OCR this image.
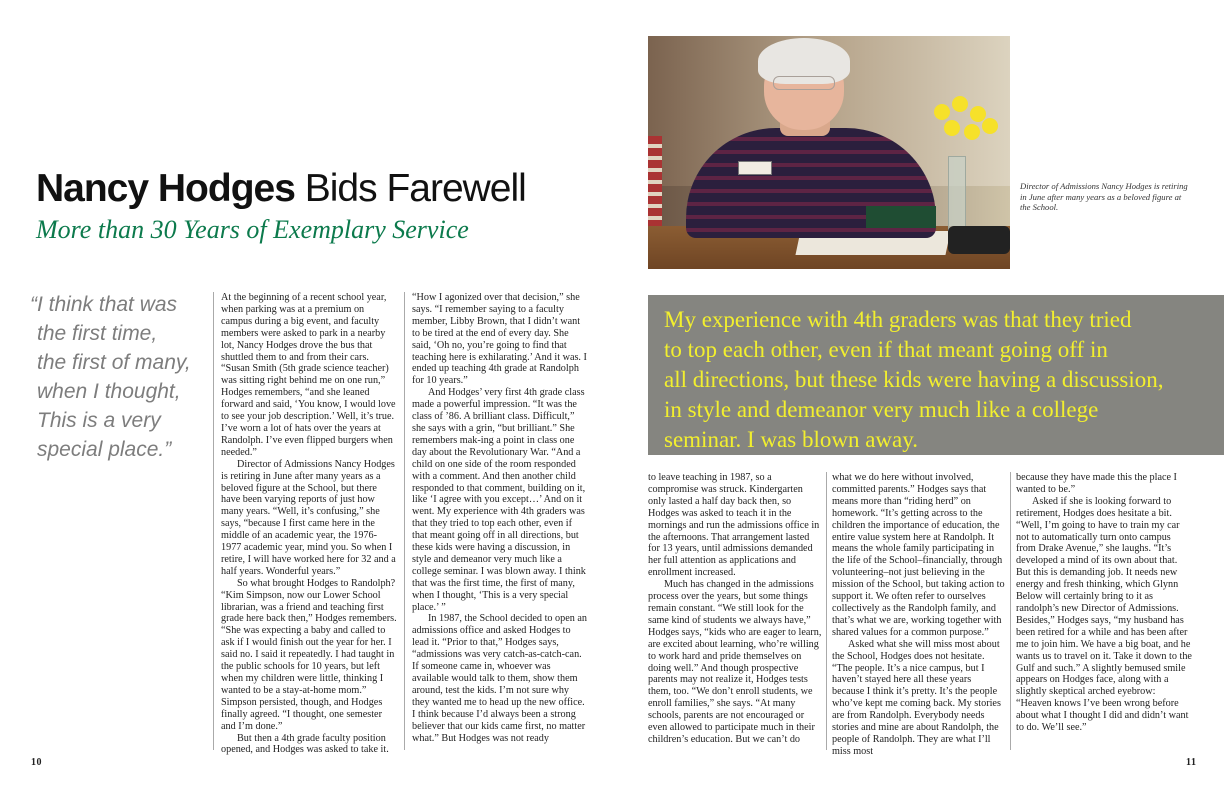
Nancy Hodges Bids Farewell
More than 30 Years of Exemplary Service
“I think that was
the first time,
the first of many,
when I thought,
This is a very
special place.”

At the beginning of a recent school year, when parking was at a premium on campus during a big event, and faculty members were asked to park in a nearby lot, Nancy Hodges drove the bus that shuttled them to and from their cars. “Susan Smith (5th grade science teacher) was sitting right behind me on one run,” Hodges remembers, “and she leaned forward and said, ‘You know, I would love to see your job description.’ Well, it’s true. I’ve worn a lot of hats over the years at Randolph. I’ve even flipped burgers when needed.”

Director of Admissions Nancy Hodges is retiring in June after many years as a beloved figure at the School, but there have been varying reports of just how many years. “Well, it’s confusing,” she says, “because I first came here in the middle of an academic year, the 1976-1977 academic year, mind you. So when I retire, I will have worked here for 32 and a half years. Wonderful years.”

So what brought Hodges to Randolph? “Kim Simpson, now our Lower School librarian, was a friend and teaching first grade here back then,” Hodges remembers. “She was expecting a baby and called to ask if I would finish out the year for her. I said no. I said it repeatedly. I had taught in the public schools for 10 years, but left when my children were little, thinking I wanted to be a stay-at-home mom.” Simpson persisted, though, and Hodges finally agreed. “I thought, one semester and I’m done.”

But then a 4th grade faculty position opened, and Hodges was asked to take it.

“How I agonized over that decision,” she says. “I remember saying to a faculty member, Libby Brown, that I didn’t want to be tired at the end of every day. She said, ‘Oh no, you’re going to find that teaching here is exhilarating.’ And it was. I ended up teaching 4th grade at Randolph for 10 years.”

And Hodges’ very first 4th grade class made a powerful impression. “It was the class of ’86. A brilliant class. Difficult,” she says with a grin, “but brilliant.” She remembers mak-ing a point in class one day about the Revolutionary War. “And a child on one side of the room responded with a comment. And then another child responded to that comment, building on it, like ‘I agree with you except…’ And on it went. My experience with 4th graders was that they tried to top each other, even if that meant going off in all directions, but these kids were having a discussion, in style and demeanor very much like a college seminar. I was blown away. I think that was the first time, the first of many, when I thought, ‘This is a very special place.’ ”

In 1987, the School decided to open an admissions office and asked Hodges to lead it. “Prior to that,” Hodges says, “admissions was very catch-as-catch-can. If someone came in, whoever was available would talk to them, show them around, test the kids. I’m not sure why they wanted me to head up the new office. I think because I’d always been a strong believer that our kids came first, no matter what.” But Hodges was not ready

10
Director of Admissions Nancy Hodges is retiring in June after many years as a beloved figure at the School.
My experience with 4th graders was that they tried
to top each other, even if that meant going off in
all directions, but these kids were having a discussion,
in style and demeanor very much like a college
seminar. I was blown away.

to leave teaching in 1987, so a compromise was struck. Kindergarten only lasted a half day back then, so Hodges was asked to teach it in the mornings and run the admissions office in the afternoons. That arrangement lasted for 13 years, until admissions demanded her full attention as applications and enrollment increased.

Much has changed in the admissions process over the years, but some things remain constant. “We still look for the same kind of students we always have,” Hodges says, “kids who are eager to learn, are excited about learning, who’re willing to work hard and pride themselves on doing well.” And though prospective parents may not realize it, Hodges tests them, too. “We don’t enroll students, we enroll families,” she says. “At many schools, parents are not encouraged or even allowed to participate much in their children’s education. But we can’t do

what we do here without involved, committed parents.” Hodges says that means more than “riding herd” on homework. “It’s getting across to the children the importance of education, the entire value system here at Randolph. It means the whole family participating in the life of the School–financially, through volunteering–not just believing in the mission of the School, but taking action to support it. We often refer to ourselves collectively as the Randolph family, and that’s what we are, working together with shared values for a common purpose.”

Asked what she will miss most about the School, Hodges does not hesitate. “The people. It’s a nice campus, but I haven’t stayed here all these years because I think it’s pretty. It’s the people who’ve kept me coming back. My stories are from Randolph. Everybody needs stories and mine are about Randolph, the people of Randolph. They are what I’ll miss most

because they have made this the place I wanted to be.”

Asked if she is looking forward to retirement, Hodges does hesitate a bit. “Well, I’m going to have to train my car not to automatically turn onto campus from Drake Avenue,” she laughs. “It’s developed a mind of its own about that. But this is demanding job. It needs new energy and fresh thinking, which Glynn Below will certainly bring to it as randolph’s new Director of Admissions. Besides,” Hodges says, “my husband has been retired for a while and has been after me to join him. We have a big boat, and he wants us to travel on it. Take it down to the Gulf and such.” A slightly bemused smile appears on Hodges face, along with a slightly skeptical arched eyebrow: “Heaven knows I’ve been wrong before about what I thought I did and didn’t want to do. We’ll see.”

11
